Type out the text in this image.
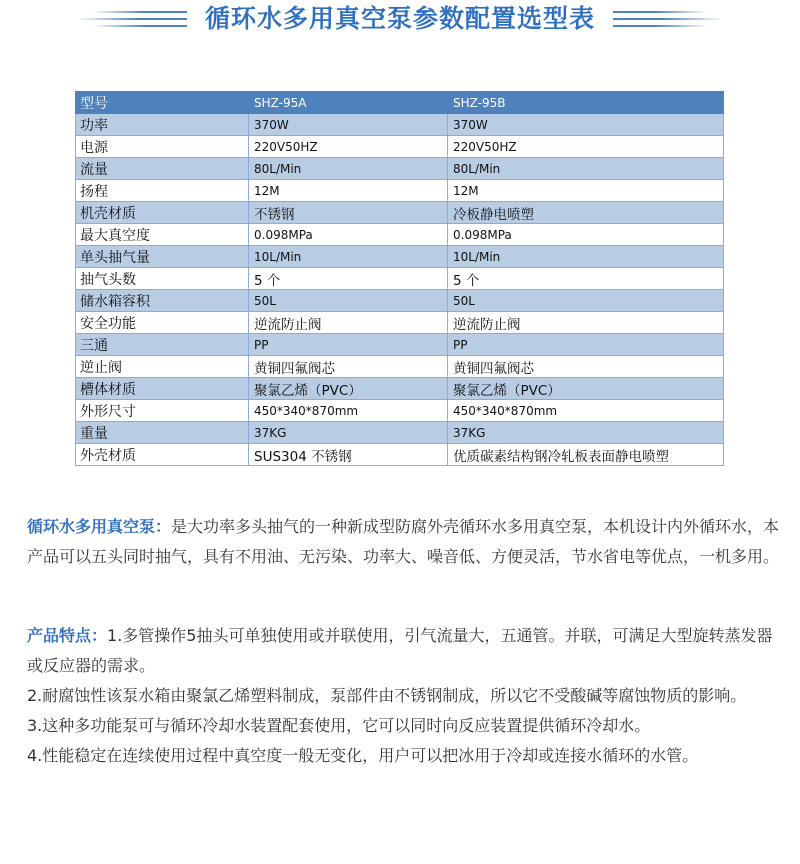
循环水多用真空泵参数配置选型表
型号	SHZ-95A	SHZ-95B
功率	370W	370W
电源	220V50HZ	220V50HZ
流量	80L/Min	80L/Min
扬程	12M	12M
机壳材质	不锈钢	冷板静电喷塑
最大真空度	0.098MPa	0.098MPa
单头抽气量	10L/Min	10L/Min
抽气头数	5 个	5 个
储水箱容积	50L	50L
安全功能	逆流防止阀	逆流防止阀
三通	PP	PP
逆止阀	黄铜四氟阀芯	黄铜四氟阀芯
槽体材质	聚氯乙烯（PVC）	聚氯乙烯（PVC）
外形尺寸	450*340*870mm	450*340*870mm
重量	37KG	37KG
外壳材质	SUS304 不锈钢	优质碳素结构钢冷轧板表面静电喷塑

循环水多用真空泵：是大功率多头抽气的一种新成型防腐外壳循环水多用真空泵，本机设计内外循环水，本产品可以五头同时抽气，具有不用油、无污染、功率大、噪音低、方便灵活，节水省电等优点，一机多用。

产品特点：1.多管操作5抽头可单独使用或并联使用，引气流量大，五通管。并联，可满足大型旋转蒸发器或反应器的需求。
2.耐腐蚀性该泵水箱由聚氯乙烯塑料制成，泵部件由不锈钢制成，所以它不受酸碱等腐蚀物质的影响。
3.这种多功能泵可与循环冷却水装置配套使用，它可以同时向反应装置提供循环冷却水。
4.性能稳定在连续使用过程中真空度一般无变化，用户可以把冰用于冷却或连接水循环的水管。
